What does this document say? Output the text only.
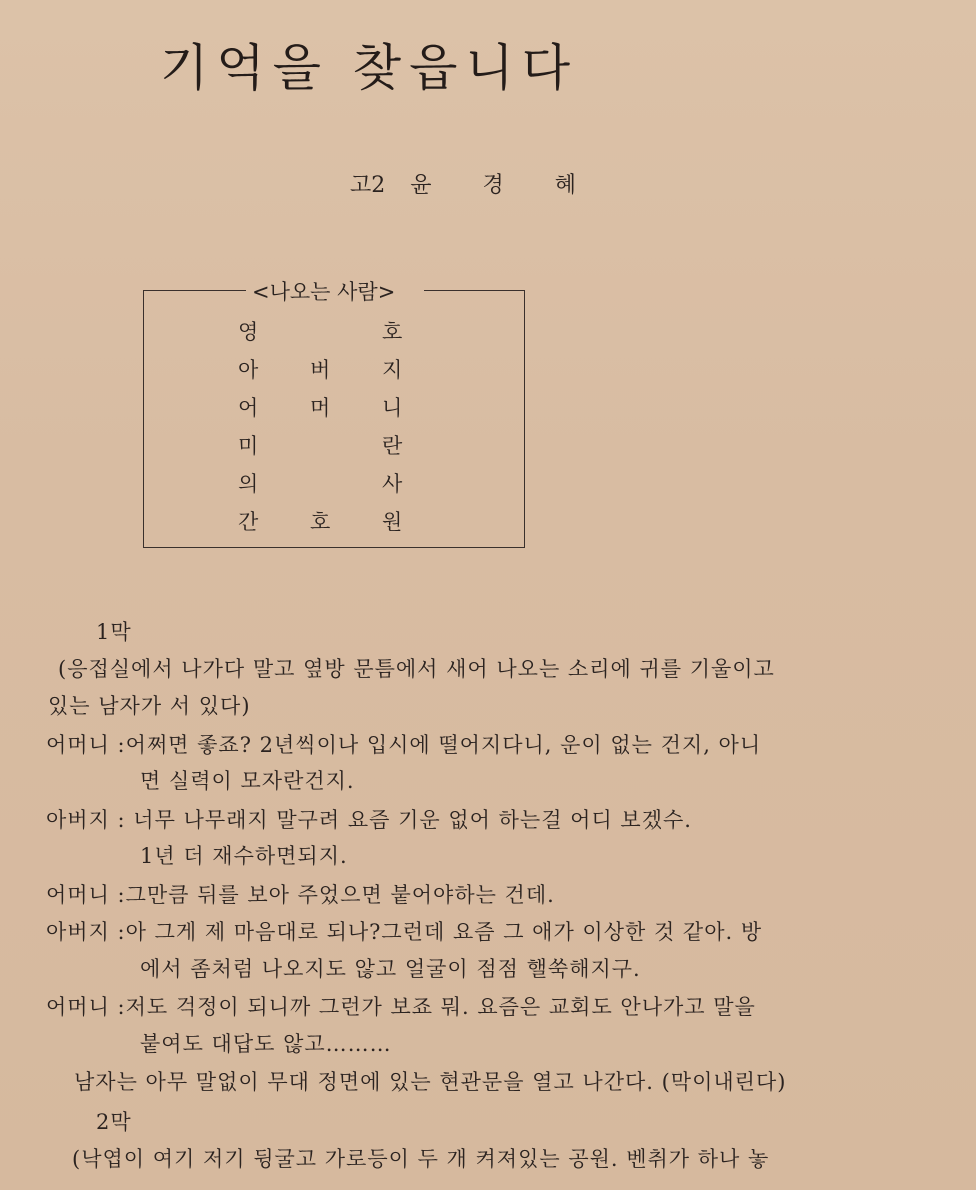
기억을 찾읍니다
고2 윤 경 혜
<나오는 사람>
영	호
아 버 지
어 머 니
미	란
의	사
간 호 원
1막
(응접실에서 나가다 말고 옆방 문틈에서 새어 나오는 소리에 귀를 기울이고
있는 남자가 서 있다)
어머니 :어쩌면 좋죠? 2년씩이나 입시에 떨어지다니, 운이 없는 건지, 아니
면 실력이 모자란건지.
아버지 : 너무 나무래지 말구려 요즘 기운 없어 하는걸 어디 보겠수.
1년 더 재수하면되지.
어머니 :그만큼 뒤를 보아 주었으면 붙어야하는 건데.
아버지 :아 그게 제 마음대로 되나?그런데 요즘 그 애가 이상한 것 같아. 방
에서 좀처럼 나오지도 않고 얼굴이 점점 핼쑥해지구.
어머니 :저도 걱정이 되니까 그런가 보죠 뭐. 요즘은 교회도 안나가고 말을
붙여도 대답도 않고………
남자는 아무 말없이 무대 정면에 있는 현관문을 열고 나간다. (막이내린다)
2막
(낙엽이 여기 저기 뒹굴고 가로등이 두 개 켜져있는 공원. 벤취가 하나 놓
